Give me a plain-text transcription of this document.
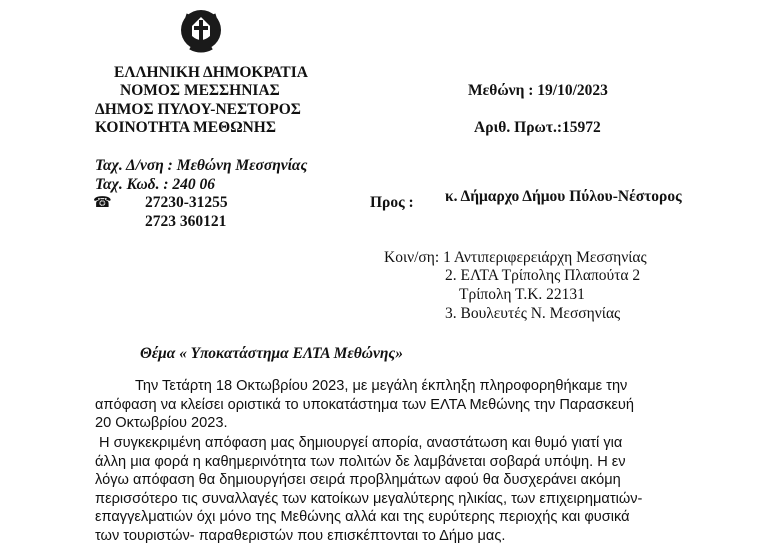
ΕΛΛΗΝΙΚΗ ΔΗΜΟΚΡΑΤΙΑ
ΝΟΜΟΣ ΜΕΣΣΗΝΙΑΣ
ΔΗΜΟΣ ΠΥΛΟΥ-ΝΕΣΤΟΡΟΣ
ΚΟΙΝΟΤΗΤΑ ΜΕΘΩΝΗΣ
Μεθώνη : 19/10/2023
Αριθ. Πρωτ.:15972
Ταχ. Δ/νση : Μεθώνη Μεσσηνίας
Ταχ. Κωδ. : 240 06
☎ 27230-31255
2723 360121
Προς : κ. Δήμαρχο Δήμου Πύλου-Νέστορος
Κοιν/ση: 1 Αντιπεριφερειάρχη Μεσσηνίας
2. ΕΛΤΑ Τρίπολης Πλαπούτα 2
Τρίπολη Τ.Κ. 22131
3. Βουλευτές Ν. Μεσσηνίας
Θέμα « Υποκατάστημα ΕΛΤΑ Μεθώνης»
Την Τετάρτη 18 Οκτωβρίου 2023, με μεγάλη έκπληξη πληροφορηθήκαμε την
απόφαση να κλείσει οριστικά το υποκατάστημα των ΕΛΤΑ Μεθώνης την Παρασκευή
20 Οκτωβρίου 2023.
Η συγκεκριμένη απόφαση μας δημιουργεί απορία, αναστάτωση και θυμό γιατί για
άλλη μια φορά η καθημερινότητα των πολιτών δε λαμβάνεται σοβαρά υπόψη. Η εν
λόγω απόφαση θα δημιουργήσει σειρά προβλημάτων αφού θα δυσχεράνει ακόμη
περισσότερο τις συναλλαγές των κατοίκων μεγαλύτερης ηλικίας, των επιχειρηματιών-
επαγγελματιών όχι μόνο της Μεθώνης αλλά και της ευρύτερης περιοχής και φυσικά
των τουριστών- παραθεριστών που επισκέπτονται το Δήμο μας.
